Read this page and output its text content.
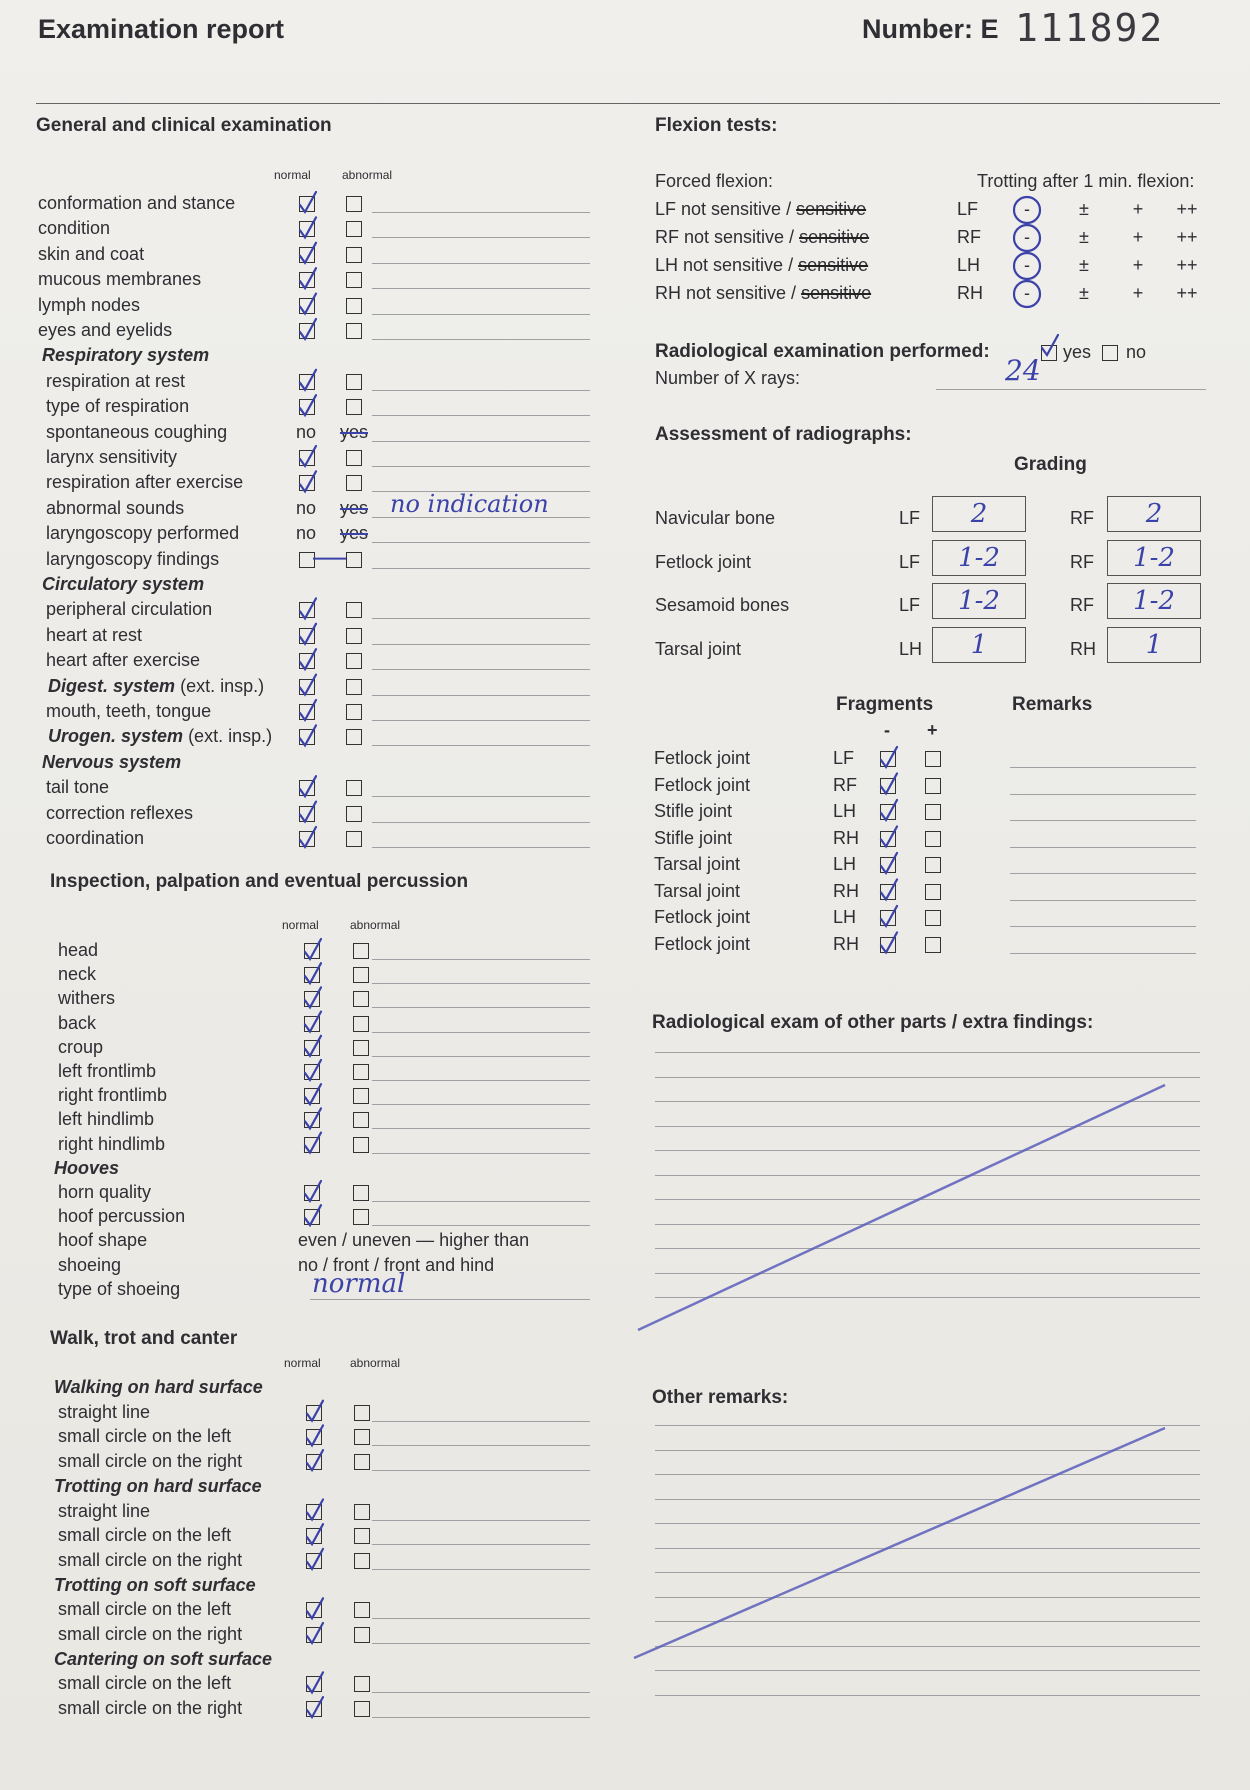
Examination report	Number: E 111892
General and clinical examination
normal	abnormal
conformation and stance
condition
skin and coat
mucous membranes
lymph nodes
eyes and eyelids
Respiratory system
respiration at rest
type of respiration
spontaneous coughing	no yes
larynx sensitivity
respiration after exercise
abnormal sounds	no yes no indication
laryngoscopy performed	no yes
laryngoscopy findings
Circulatory system
peripheral circulation
heart at rest
heart after exercise
Digest. system (ext. insp.)
mouth, teeth, tongue
Urogen. system (ext. insp.)
Nervous system
tail tone
correction reflexes
coordination
Inspection, palpation and eventual percussion
normal	abnormal
head
neck
withers
back
croup
left frontlimb
right frontlimb
left hindlimb
right hindlimb
Hooves
horn quality
hoof percussion
hoof shape	even / uneven — higher than
shoeing	no / front / front and hind
type of shoeing	normal
Walk, trot and canter
normal abnormal
Walking on hard surface
straight line
small circle on the left
small circle on the right
Trotting on hard surface
straight line
small circle on the left
small circle on the right
Trotting on soft surface
small circle on the left
small circle on the right
Cantering on soft surface
small circle on the left
small circle on the right
Flexion tests:
Forced flexion:	Trotting after 1 min. flexion:
LF not sensitive / sensitive	LF	-	±	+	++
RF not sensitive / sensitive	RF	-	±	+	++
LH not sensitive / sensitive	LH	-	±	+	++
RH not sensitive / sensitive	RH	-	±	+	++
Radiological examination performed:	yes no
Number of X rays:	24
Assessment of radiographs:
Grading
Navicular bone	LF	2	RF	2
Fetlock joint	LF	1-2	RF	1-2
Sesamoid bones	LF	1-2	RF	1-2
Tarsal joint	LH	1	RH	1
Fragments	Remarks
- +
Fetlock joint	LF
Fetlock joint	RF
Stifle joint	LH
Stifle joint	RH
Tarsal joint	LH
Tarsal joint	RH
Fetlock joint	LH
Fetlock joint	RH
Radiological exam of other parts / extra findings:
Other remarks:
